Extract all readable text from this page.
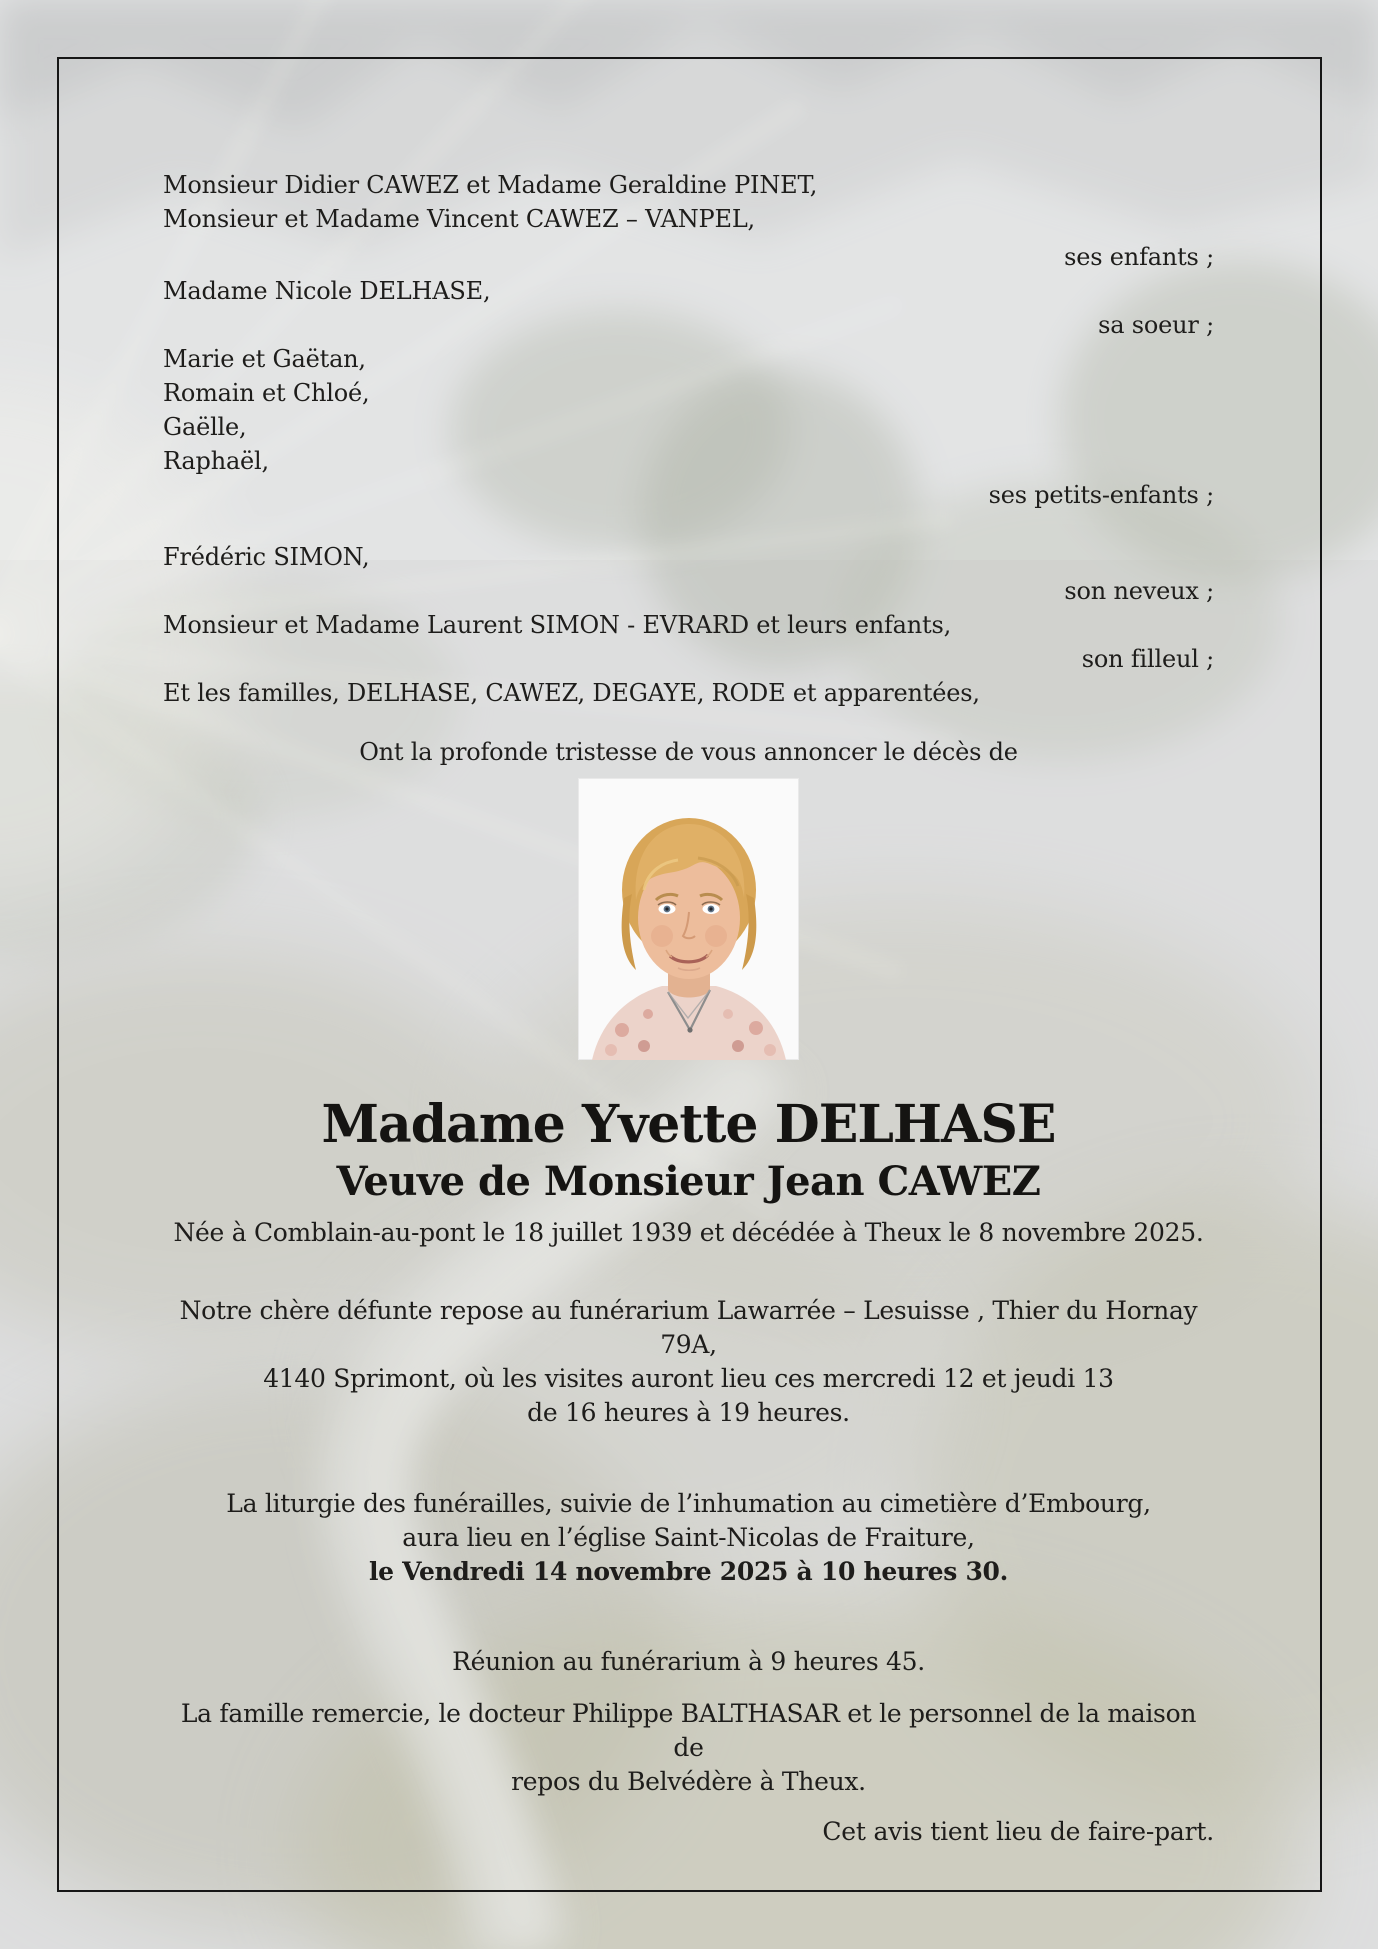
Monsieur Didier CAWEZ et Madame Geraldine PINET,
Monsieur et Madame Vincent CAWEZ – VANPEL,
ses enfants ;
Madame Nicole DELHASE,
sa soeur ;
Marie et Gaëtan,
Romain et Chloé,
Gaëlle,
Raphaël,
ses petits-enfants ;
Frédéric SIMON,
son neveux ;
Monsieur et Madame Laurent SIMON - EVRARD et leurs enfants,
son filleul ;
Et les familles, DELHASE, CAWEZ, DEGAYE, RODE et apparentées,
Ont la profonde tristesse de vous annoncer le décès de
Madame Yvette DELHASE
Veuve de Monsieur Jean CAWEZ
Née à Comblain-au-pont le 18 juillet 1939 et décédée à Theux le 8 novembre 2025.
Notre chère défunte repose au funérarium Lawarrée – Lesuisse , Thier du Hornay 79A,
4140 Sprimont, où les visites auront lieu ces mercredi 12 et jeudi 13
de 16 heures à 19 heures.
La liturgie des funérailles, suivie de l’inhumation au cimetière d’Embourg,
aura lieu en l’église Saint-Nicolas de Fraiture,
le Vendredi 14 novembre 2025 à 10 heures 30.
Réunion au funérarium à 9 heures 45.
La famille remercie, le docteur Philippe BALTHASAR et le personnel de la maison de
repos du Belvédère à Theux.
Cet avis tient lieu de faire-part.
